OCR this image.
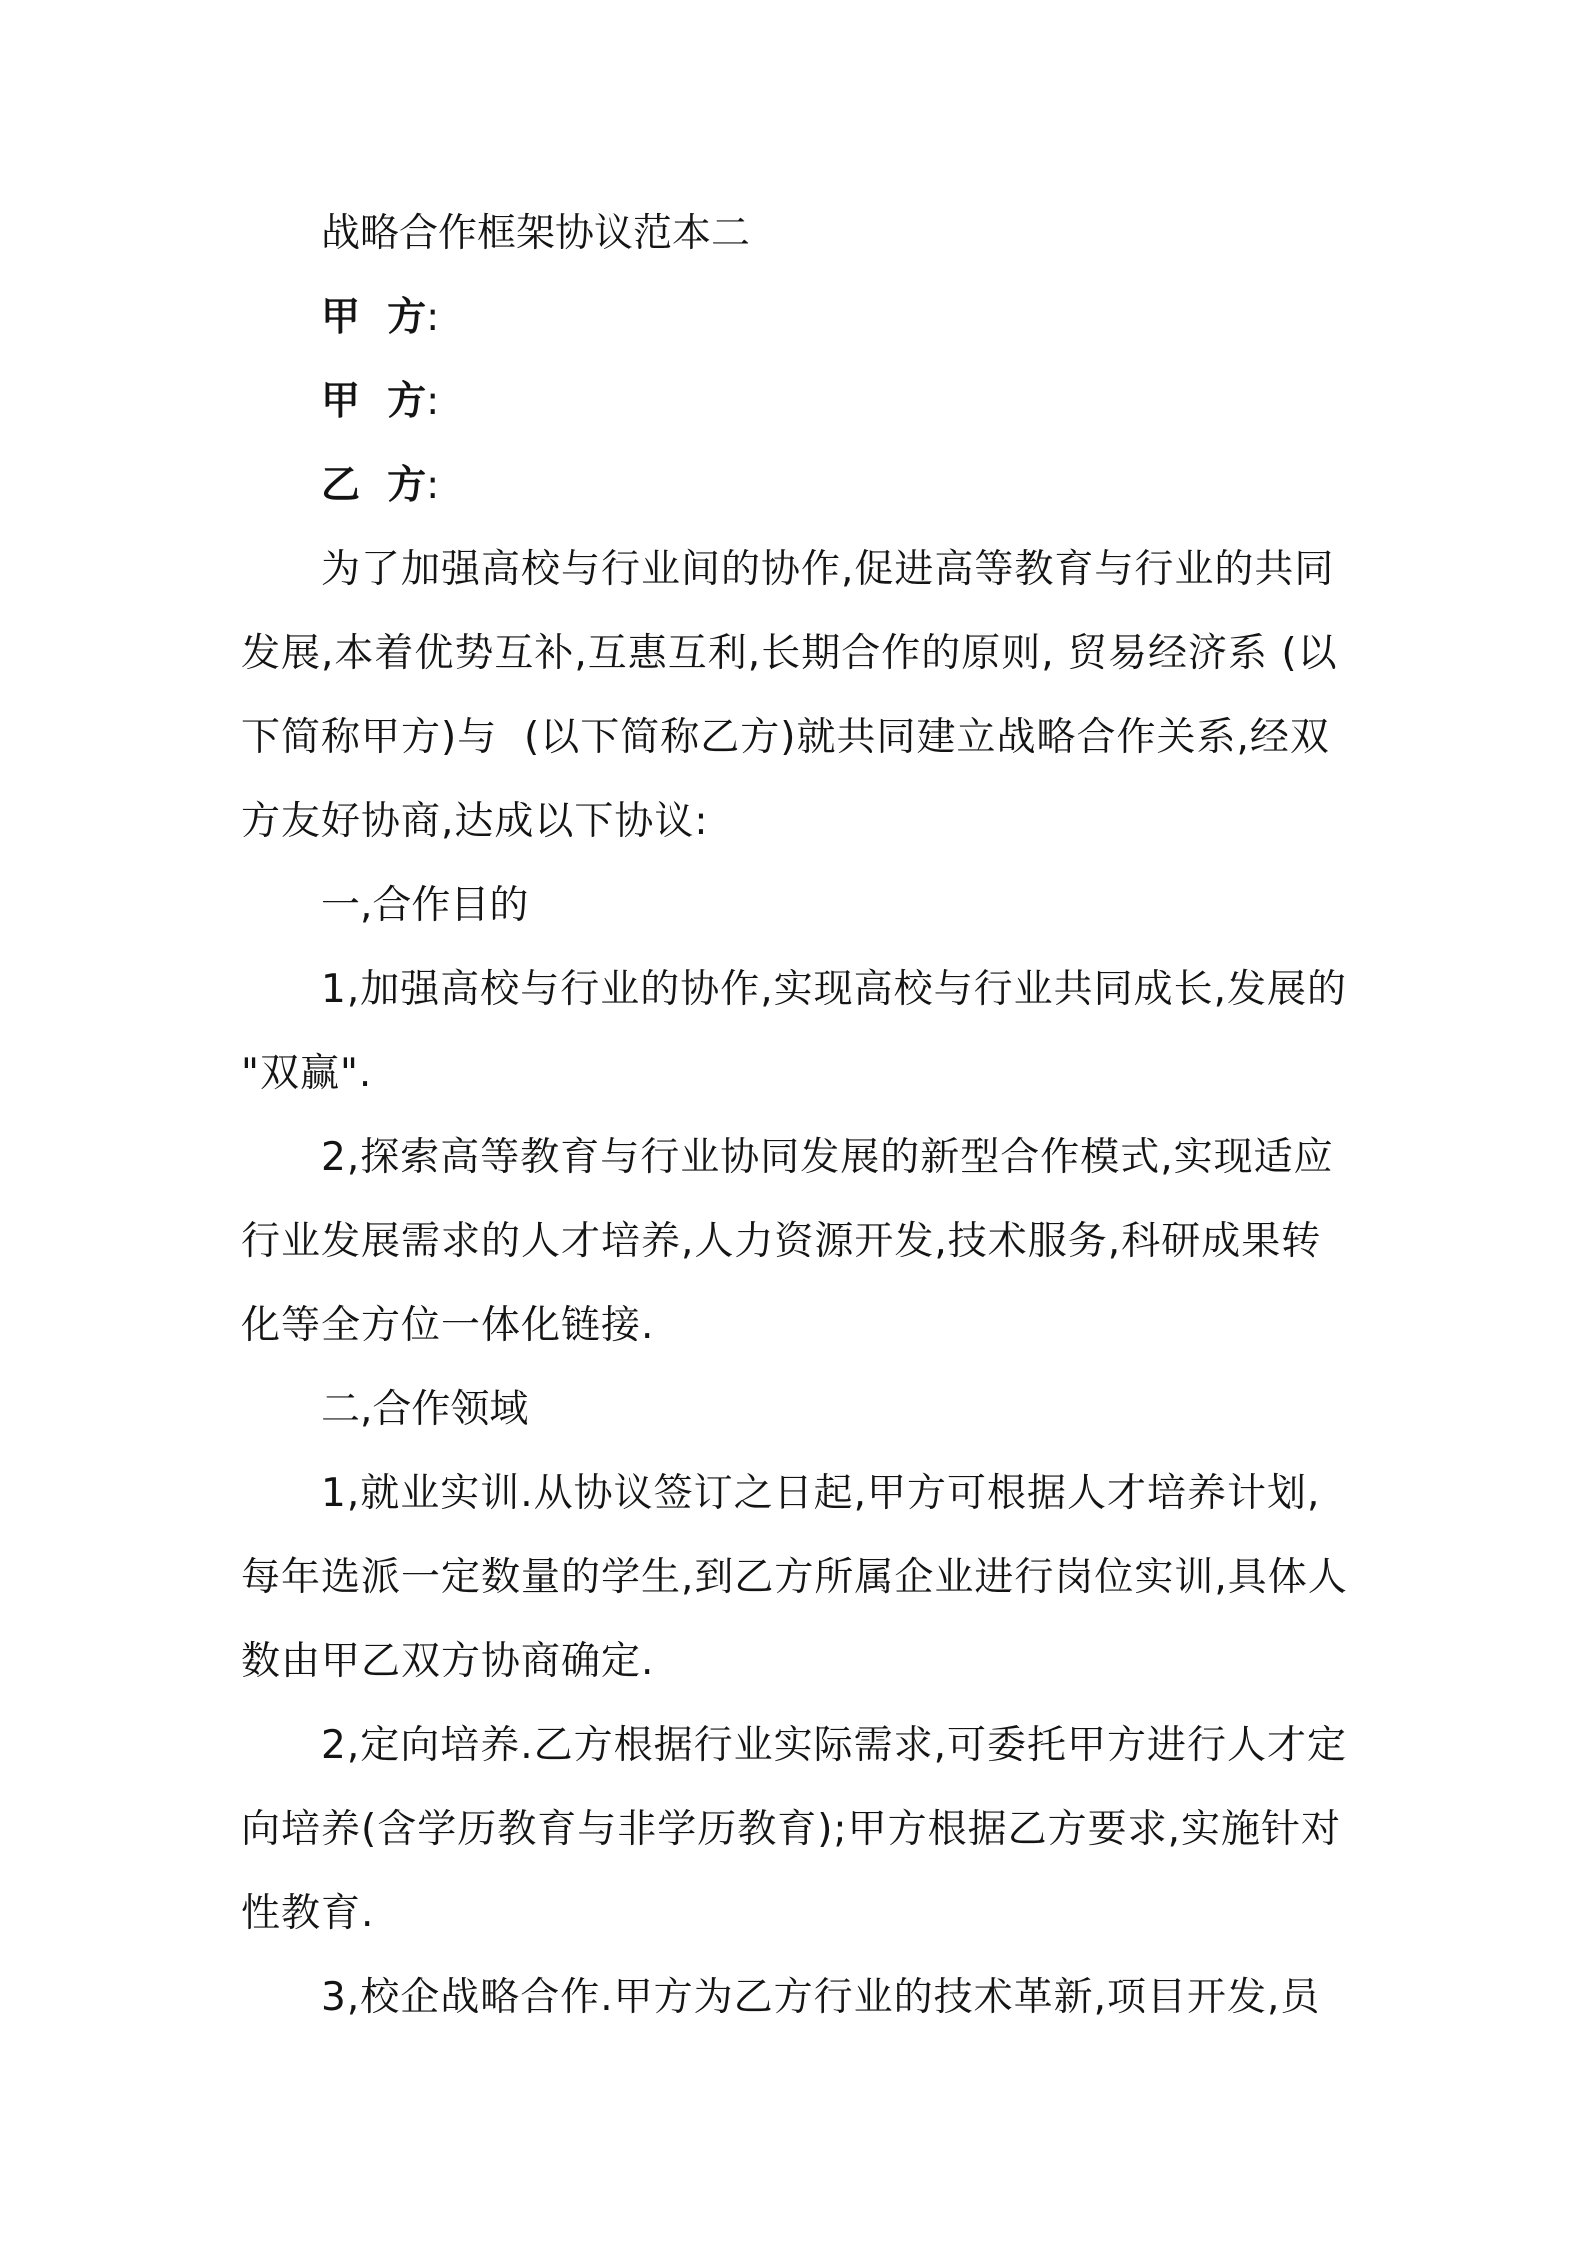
战略合作框架协议范本二

甲  方:

甲  方:

乙  方:

为了加强高校与行业间的协作,促进高等教育与行业的共同
发展,本着优势互补,互惠互利,长期合作的原则, 贸易经济系 (以
下简称甲方)与  (以下简称乙方)就共同建立战略合作关系,经双
方友好协商,达成以下协议:

一,合作目的

1,加强高校与行业的协作,实现高校与行业共同成长,发展的
"双赢".
2,探索高等教育与行业协同发展的新型合作模式,实现适应
行业发展需求的人才培养,人力资源开发,技术服务,科研成果转
化等全方位一体化链接.

二,合作领域

1,就业实训.从协议签订之日起,甲方可根据人才培养计划,
每年选派一定数量的学生,到乙方所属企业进行岗位实训,具体人
数由甲乙双方协商确定.
2,定向培养.乙方根据行业实际需求,可委托甲方进行人才定
向培养(含学历教育与非学历教育);甲方根据乙方要求,实施针对
性教育.
3,校企战略合作.甲方为乙方行业的技术革新,项目开发,员
